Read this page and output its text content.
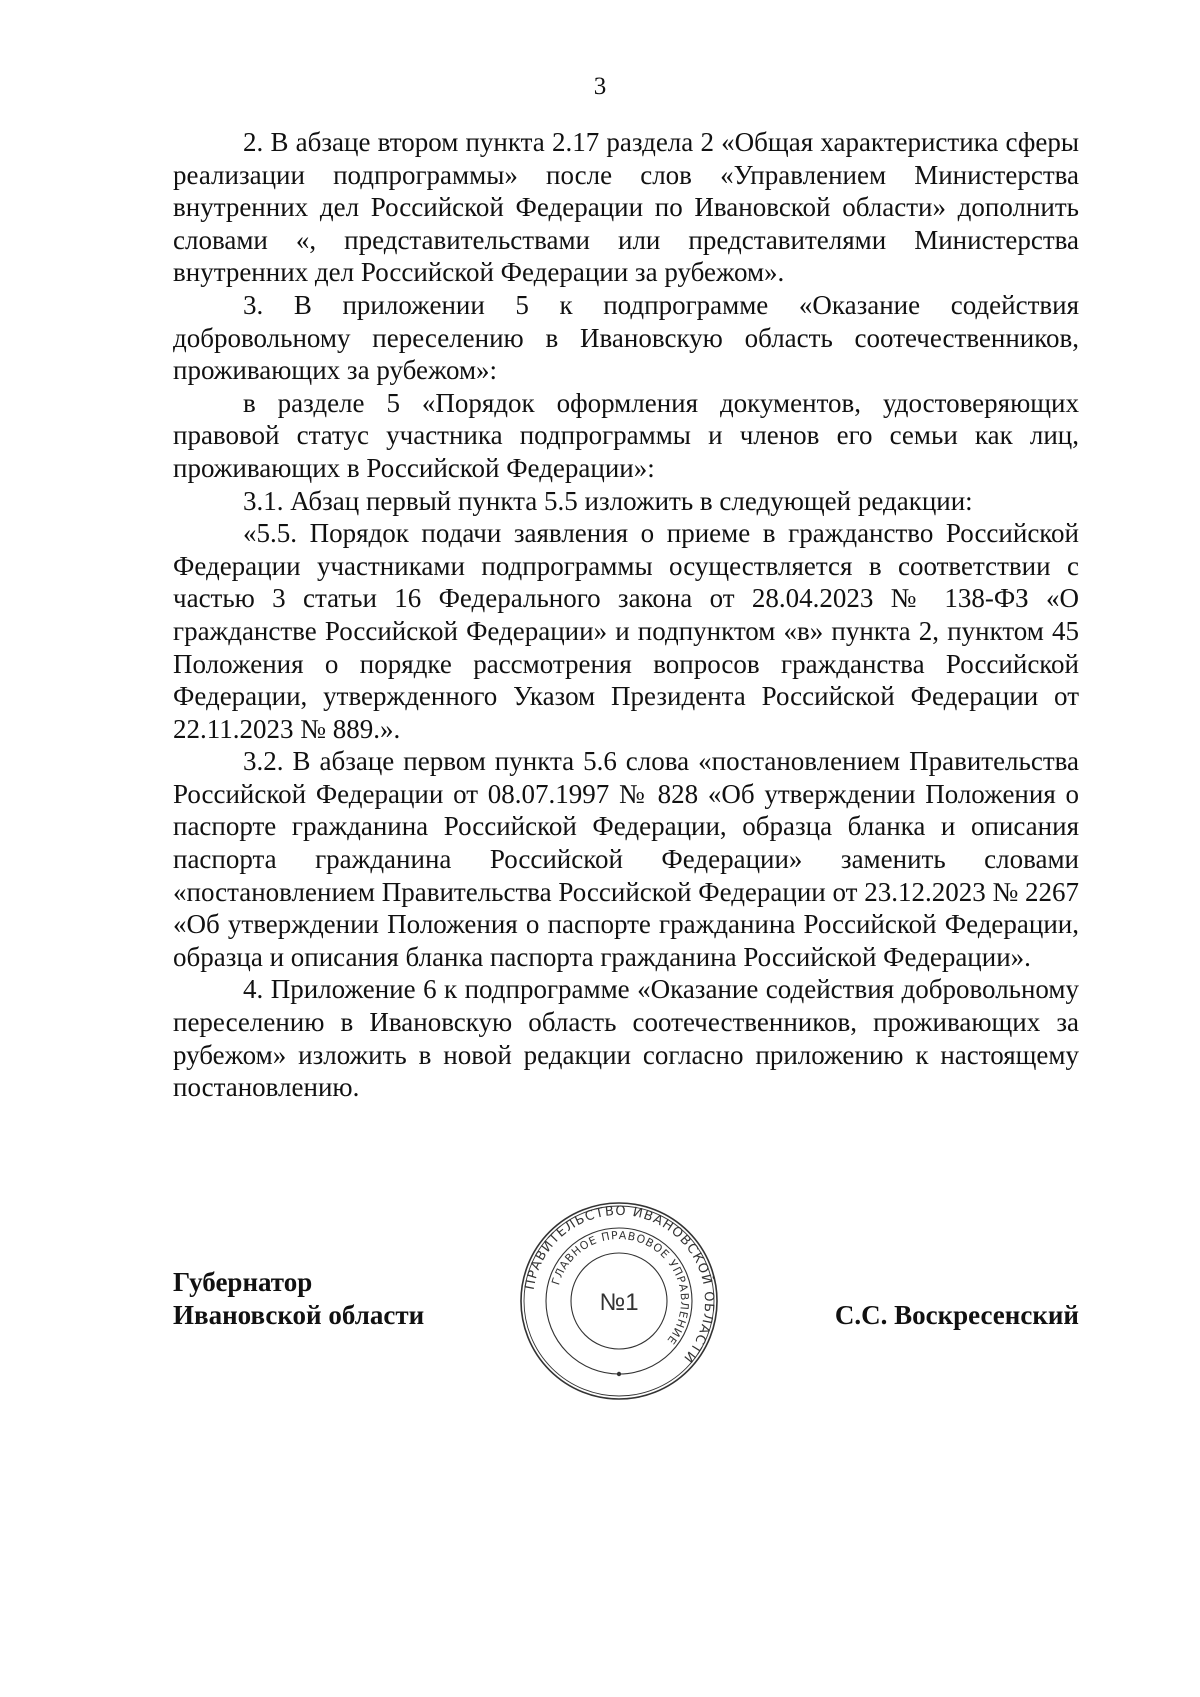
3

2. В абзаце втором пункта 2.17 раздела 2 «Общая характеристика сферы реализации подпрограммы» после слов «Управлением Министерства внутренних дел Российской Федерации по Ивановской области» дополнить словами «, представительствами или представителями Министерства внутренних дел Российской Федерации за рубежом».

3. В приложении 5 к подпрограмме «Оказание содействия добровольному переселению в Ивановскую область соотечественников, проживающих за рубежом»:

в разделе 5 «Порядок оформления документов, удостоверяющих правовой статус участника подпрограммы и членов его семьи как лиц, проживающих в Российской Федерации»:

3.1. Абзац первый пункта 5.5 изложить в следующей редакции:

«5.5. Порядок подачи заявления о приеме в гражданство Российской Федерации участниками подпрограммы осуществляется в соответствии с частью 3 статьи 16 Федерального закона от 28.04.2023 № 138-ФЗ «О гражданстве Российской Федерации» и подпунктом «в» пункта 2, пунктом 45 Положения о порядке рассмотрения вопросов гражданства Российской Федерации, утвержденного Указом Президента Российской Федерации от 22.11.2023 № 889.».

3.2. В абзаце первом пункта 5.6 слова «постановлением Правительства Российской Федерации от 08.07.1997 № 828 «Об утверждении Положения о паспорте гражданина Российской Федерации, образца бланка и описания паспорта гражданина Российской Федерации» заменить словами «постановлением Правительства Российской Федерации от 23.12.2023 № 2267 «Об утверждении Положения о паспорте гражданина Российской Федерации, образца и описания бланка паспорта гражданина Российской Федерации».

4. Приложение 6 к подпрограмме «Оказание содействия добровольному переселению в Ивановскую область соотечественников, проживающих за рубежом» изложить в новой редакции согласно приложению к настоящему постановлению.

Губернатор
Ивановской области	С.С. Воскресенский
ПРАВИТЕЛЬСТВО ИВАНОВСКОЙ ОБЛАСТИ
ГЛАВНОЕ ПРАВОВОЕ УПРАВЛЕНИЕ
№1
